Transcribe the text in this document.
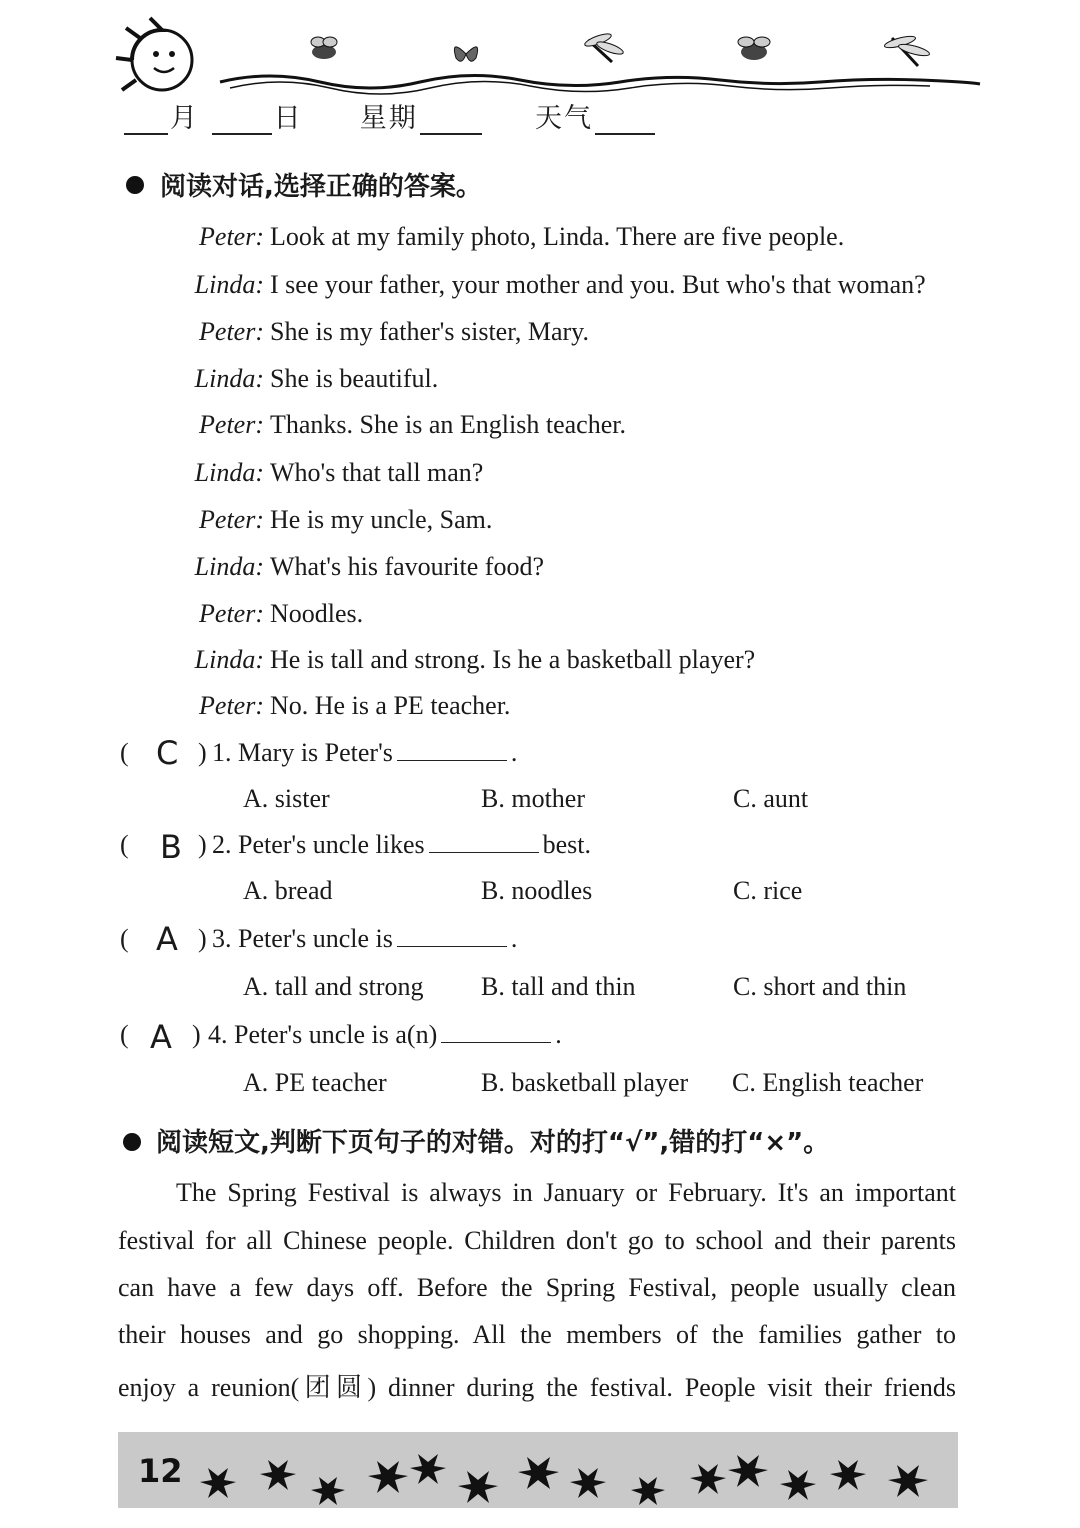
月	日 星期	天气
阅读对话,选择正确的答案。
Peter: Look at my family photo, Linda. There are five people.
Linda: I see your father, your mother and you. But who's that woman?
Peter: She is my father's sister, Mary.
Linda: She is beautiful.
Peter: Thanks. She is an English teacher.
Linda: Who's that tall man?
Peter: He is my uncle, Sam.
Linda: What's his favourite food?
Peter: Noodles.
Linda: He is tall and strong. Is he a basketball player?
Peter: No. He is a PE teacher.
( C ) 1. Mary is Peter's	.
A. sister	B. mother	C. aunt
( B ) 2. Peter's uncle likes	best.
A. bread	B. noodles	C. rice
( A ) 3. Peter's uncle is	.
A. tall and strong B. tall and thin	C. short and thin
( A ) 4. Peter's uncle is a(n)	.
A. PE teacher	B. basketball player C. English teacher
阅读短文,判断下页句子的对错。对的打“√”,错的打“×”。
The Spring Festival is always in January or February. It's an important
festival for all Chinese people. Children don't go to school and their parents
can have a few days off. Before the Spring Festival, people usually clean
their houses and go shopping. All the members of the families gather to
enjoy a reunion(团圆) dinner during the festival. People visit their friends
12
